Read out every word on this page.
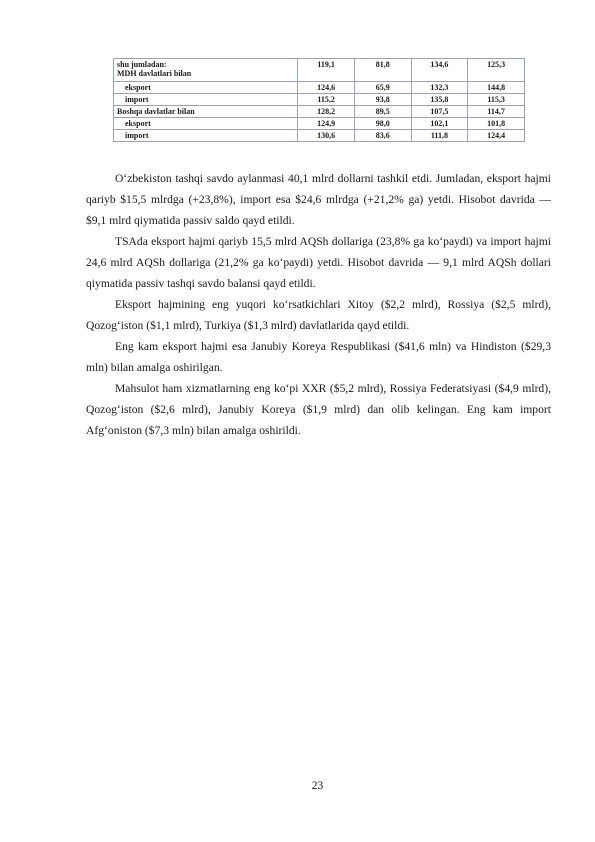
shu jumladan:
MDH davlatlari bilan	119,1	81,8	134,6	125,3
eksport	124,6	65,9	132,3	144,8
import	115,2	93,8	135,8	115,3
Boshqa davlatlar bilan	128,2	89,5	107,5	114,7
eksport	124,9	98,0	102,1	101,8
import	130,6	83,6	111,8	124,4

O‘zbekiston tashqi savdo aylanmasi 40,1 mlrd dollarni tashkil etdi. Jumladan, eksport hajmi qariyb $15,5 mlrdga (+23,8%), import esa $24,6 mlrdga (+21,2% ga) yetdi. Hisobot davrida — $9,1 mlrd qiymatida passiv saldo qayd etildi.

TSAda eksport hajmi qariyb 15,5 mlrd AQSh dollariga (23,8% ga ko‘paydi) va import hajmi 24,6 mlrd AQSh dollariga (21,2% ga ko‘paydi) yetdi. Hisobot davrida — 9,1 mlrd AQSh dollari qiymatida passiv tashqi savdo balansi qayd etildi.

Eksport hajmining eng yuqori ko‘rsatkichlari Xitoy ($2,2 mlrd), Rossiya ($2,5 mlrd), Qozog‘iston ($1,1 mlrd), Turkiya ($1,3 mlrd) davlatlarida qayd etildi.

Eng kam eksport hajmi esa Janubiy Koreya Respublikasi ($41,6 mln) va Hindiston ($29,3 mln) bilan amalga oshirilgan.

Mahsulot ham xizmatlarning eng ko‘pi XXR ($5,2 mlrd), Rossiya Federatsiyasi ($4,9 mlrd), Qozog‘iston ($2,6 mlrd), Janubiy Koreya ($1,9 mlrd) dan olib kelingan. Eng kam import Afg‘oniston ($7,3 mln) bilan amalga oshirildi.

23
